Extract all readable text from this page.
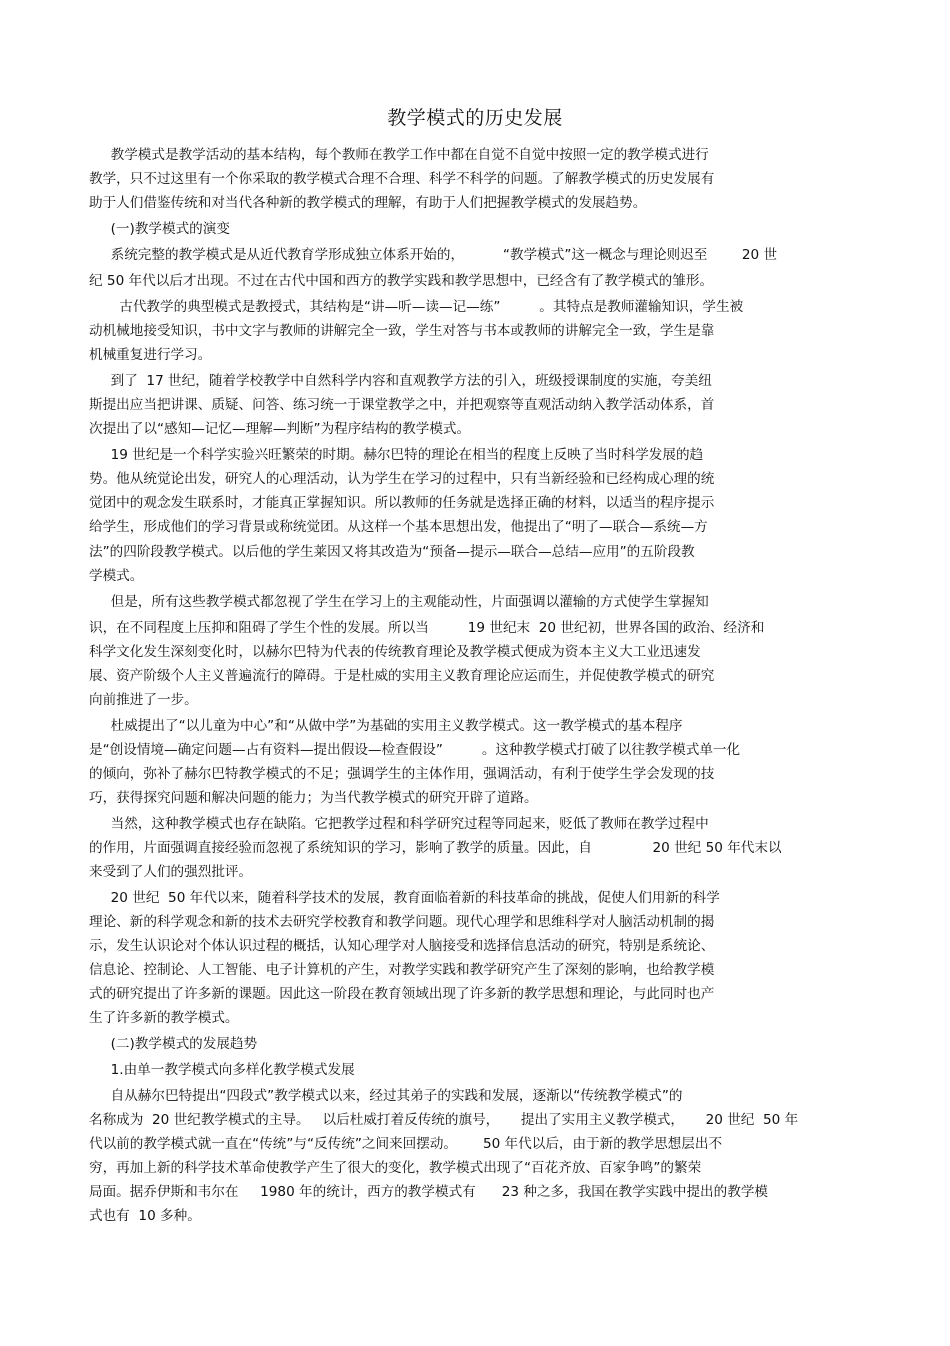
教学模式的历史发展
教学模式是教学活动的基本结构，每个教师在教学工作中都在自觉不自觉中按照一定的教学模式进行
教学，只不过这里有一个你采取的教学模式合理不合理、科学不科学的问题。了解教学模式的历史发展有
助于人们借鉴传统和对当代各种新的教学模式的理解，有助于人们把握教学模式的发展趋势。
(一)教学模式的演变
系统完整的教学模式是从近代教育学形成独立体系开始的，         “教学模式”这一概念与理论则迟至        20 世
纪 50 年代以后才出现。不过在古代中国和西方的教学实践和教学思想中，已经含有了教学模式的雏形。
古代教学的典型模式是教授式，其结构是“讲—听—读—记—练”         。其特点是教师灌输知识，学生被
动机械地接受知识，书中文字与教师的讲解完全一致，学生对答与书本或教师的讲解完全一致，学生是靠
机械重复进行学习。
到了  17 世纪，随着学校教学中自然科学内容和直观教学方法的引入，班级授课制度的实施，夸美纽
斯提出应当把讲课、质疑、问答、练习统一于课堂教学之中，并把观察等直观活动纳入教学活动体系，首
次提出了以“感知—记忆—理解—判断”为程序结构的教学模式。
19 世纪是一个科学实验兴旺繁荣的时期。赫尔巴特的理论在相当的程度上反映了当时科学发展的趋
势。他从统觉论出发，研究人的心理活动，认为学生在学习的过程中，只有当新经验和已经构成心理的统
觉团中的观念发生联系时，才能真正掌握知识。所以教师的任务就是选择正确的材料，以适当的程序提示
给学生，形成他们的学习背景或称统觉团。从这样一个基本思想出发，他提出了“明了—联合—系统—方
法”的四阶段教学模式。以后他的学生莱因又将其改造为“预备—提示—联合—总结—应用”的五阶段教
学模式。
但是，所有这些教学模式都忽视了学生在学习上的主观能动性，片面强调以灌输的方式使学生掌握知
识，在不同程度上压抑和阻碍了学生个性的发展。所以当         19 世纪末  20 世纪初，世界各国的政治、经济和
科学文化发生深刻变化时，以赫尔巴特为代表的传统教育理论及教学模式便成为资本主义大工业迅速发
展、资产阶级个人主义普遍流行的障碍。于是杜威的实用主义教育理论应运而生，并促使教学模式的研究
向前推进了一步。
杜威提出了“以儿童为中心”和“从做中学”为基础的实用主义教学模式。这一教学模式的基本程序
是“创设情境—确定问题—占有资料—提出假设—检查假设”         。这种教学模式打破了以往教学模式单一化
的倾向，弥补了赫尔巴特教学模式的不足；强调学生的主体作用，强调活动，有利于使学生学会发现的技
巧，获得探究问题和解决问题的能力；为当代教学模式的研究开辟了道路。
当然，这种教学模式也存在缺陷。它把教学过程和科学研究过程等同起来，贬低了教师在教学过程中
的作用，片面强调直接经验而忽视了系统知识的学习，影响了教学的质量。因此，自              20 世纪 50 年代末以
来受到了人们的强烈批评。
20 世纪  50 年代以来，随着科学技术的发展，教育面临着新的科技革命的挑战，促使人们用新的科学
理论、新的科学观念和新的技术去研究学校教育和教学问题。现代心理学和思维科学对人脑活动机制的揭
示，发生认识论对个体认识过程的概括，认知心理学对人脑接受和选择信息活动的研究，特别是系统论、
信息论、控制论、人工智能、电子计算机的产生，对教学实践和教学研究产生了深刻的影响，也给教学模
式的研究提出了许多新的课题。因此这一阶段在教育领域出现了许多新的教学思想和理论，与此同时也产
生了许多新的教学模式。
(二)教学模式的发展趋势
1.由单一教学模式向多样化教学模式发展
自从赫尔巴特提出“四段式”教学模式以来，经过其弟子的实践和发展，逐渐以“传统教学模式”的
名称成为  20 世纪教学模式的主导。   以后杜威打着反传统的旗号，     提出了实用主义教学模式，     20 世纪  50 年
代以前的教学模式就一直在“传统”与“反传统”之间来回摆动。      50 年代以后，由于新的教学思想层出不
穷，再加上新的科学技术革命使教学产生了很大的变化，教学模式出现了“百花齐放、百家争鸣”的繁荣
局面。据乔伊斯和韦尔在     1980 年的统计，西方的教学模式有      23 种之多，我国在教学实践中提出的教学模
式也有  10 多种。
